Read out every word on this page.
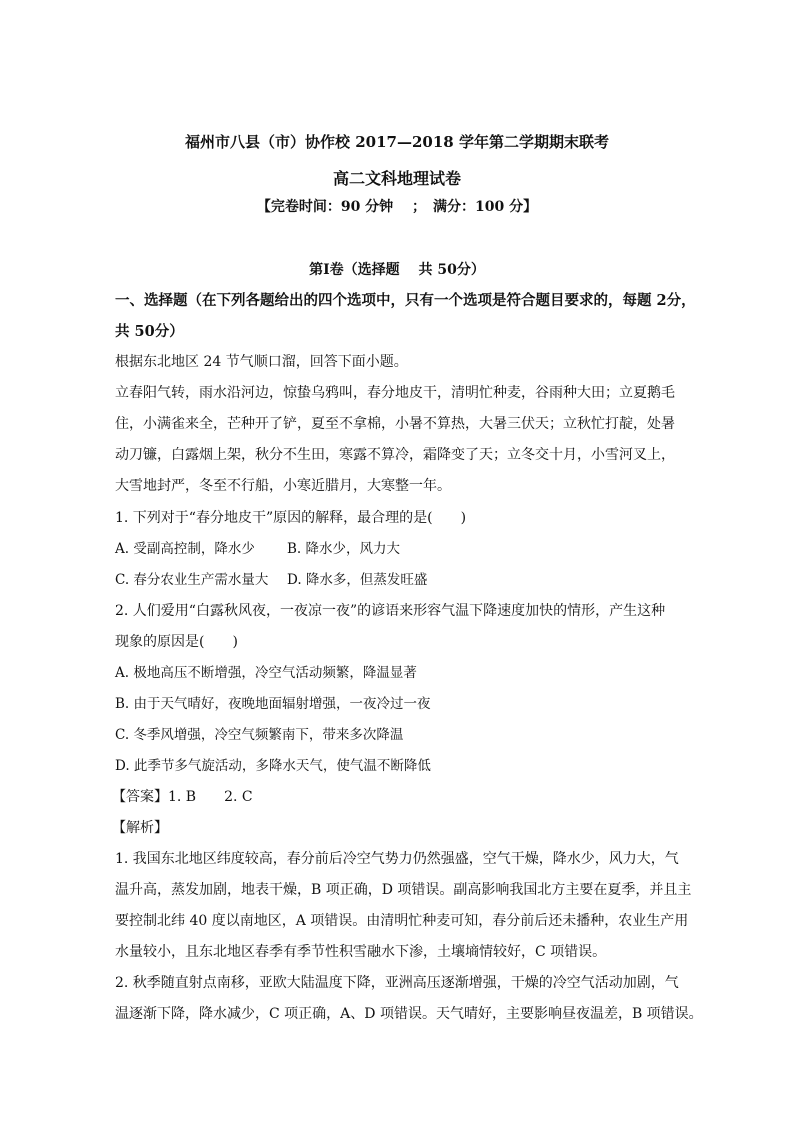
福州市八县（市）协作校 2017—2018 学年第二学期期末联考
高二文科地理试卷
【完卷时间：90 分钟　 ；　满分：100 分】
第Ⅰ卷（选择题　 共 50分）
一、选择题（在下列各题给出的四个选项中，只有一个选项是符合题目要求的，每题 2分，
共 50分）
根据东北地区 24 节气顺口溜，回答下面小题。
立春阳气转，雨水沿河边，惊蛰乌鸦叫，春分地皮干，清明忙种麦，谷雨种大田；立夏鹅毛
住，小满雀来全，芒种开了铲，夏至不拿棉，小暑不算热，大暑三伏天；立秋忙打靛，处暑
动刀镰，白露烟上架，秋分不生田，寒露不算冷，霜降变了天；立冬交十月，小雪河叉上，
大雪地封严，冬至不行船，小寒近腊月，大寒整一年。
1. 下列对于“春分地皮干”原因的解释，最合理的是(　　)
A. 受副高控制，降水少	B. 降水少，风力大
C. 春分农业生产需水量大	D. 降水多，但蒸发旺盛
2. 人们爱用“白露秋风夜，一夜凉一夜”的谚语来形容气温下降速度加快的情形，产生这种
现象的原因是(　　)
A. 极地高压不断增强，冷空气活动频繁，降温显著
B. 由于天气晴好，夜晚地面辐射增强，一夜冷过一夜
C. 冬季风增强，冷空气频繁南下，带来多次降温
D. 此季节多气旋活动，多降水天气，使气温不断降低
【答案】1. B　　2. C
【解析】
1. 我国东北地区纬度较高，春分前后冷空气势力仍然强盛，空气干燥，降水少，风力大，气
温升高，蒸发加剧，地表干燥，B 项正确，D 项错误。副高影响我国北方主要在夏季，并且主
要控制北纬 40 度以南地区，A 项错误。由清明忙种麦可知，春分前后还未播种，农业生产用
水量较小，且东北地区春季有季节性积雪融水下渗，土壤墒情较好，C 项错误。
2. 秋季随直射点南移，亚欧大陆温度下降，亚洲高压逐渐增强，干燥的冷空气活动加剧，气
温逐渐下降，降水减少，C 项正确，A、D 项错误。天气晴好，主要影响昼夜温差，B 项错误。
